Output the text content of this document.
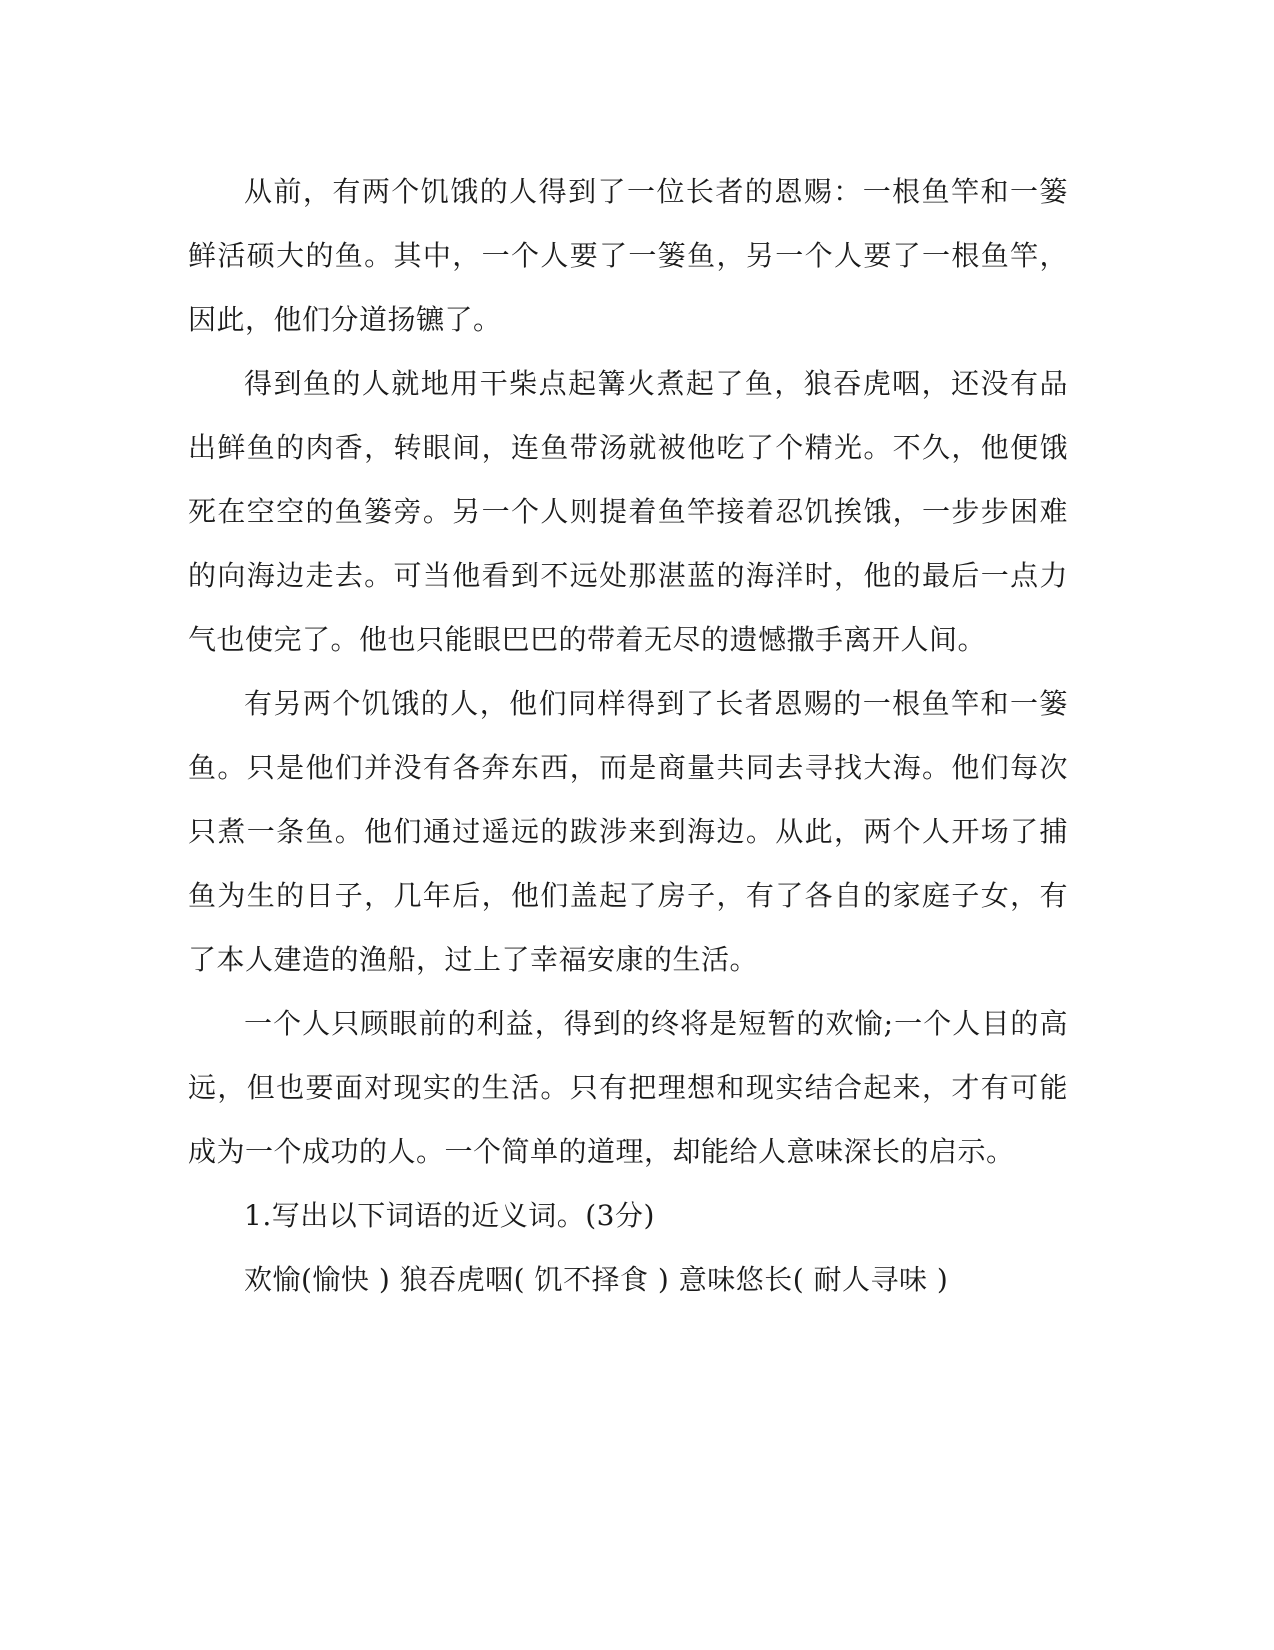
从前，有两个饥饿的人得到了一位长者的恩赐：一根鱼竿和一篓鲜活硕大的鱼。其中，一个人要了一篓鱼，另一个人要了一根鱼竿，因此，他们分道扬镳了。

得到鱼的人就地用干柴点起篝火煮起了鱼，狼吞虎咽，还没有品出鲜鱼的肉香，转眼间，连鱼带汤就被他吃了个精光。不久，他便饿死在空空的鱼篓旁。另一个人则提着鱼竿接着忍饥挨饿，一步步困难的向海边走去。可当他看到不远处那湛蓝的海洋时，他的最后一点力气也使完了。他也只能眼巴巴的带着无尽的遗憾撒手离开人间。

有另两个饥饿的人，他们同样得到了长者恩赐的一根鱼竿和一篓鱼。只是他们并没有各奔东西，而是商量共同去寻找大海。他们每次只煮一条鱼。他们通过遥远的跋涉来到海边。从此，两个人开场了捕鱼为生的日子，几年后，他们盖起了房子，有了各自的家庭子女，有了本人建造的渔船，过上了幸福安康的生活。

一个人只顾眼前的利益，得到的终将是短暂的欢愉;一个人目的高远，但也要面对现实的生活。只有把理想和现实结合起来，才有可能成为一个成功的人。一个简单的道理，却能给人意味深长的启示。

1.写出以下词语的近义词。(3分)
欢愉(愉快 ) 狼吞虎咽( 饥不择食 ) 意味悠长( 耐人寻味 )
